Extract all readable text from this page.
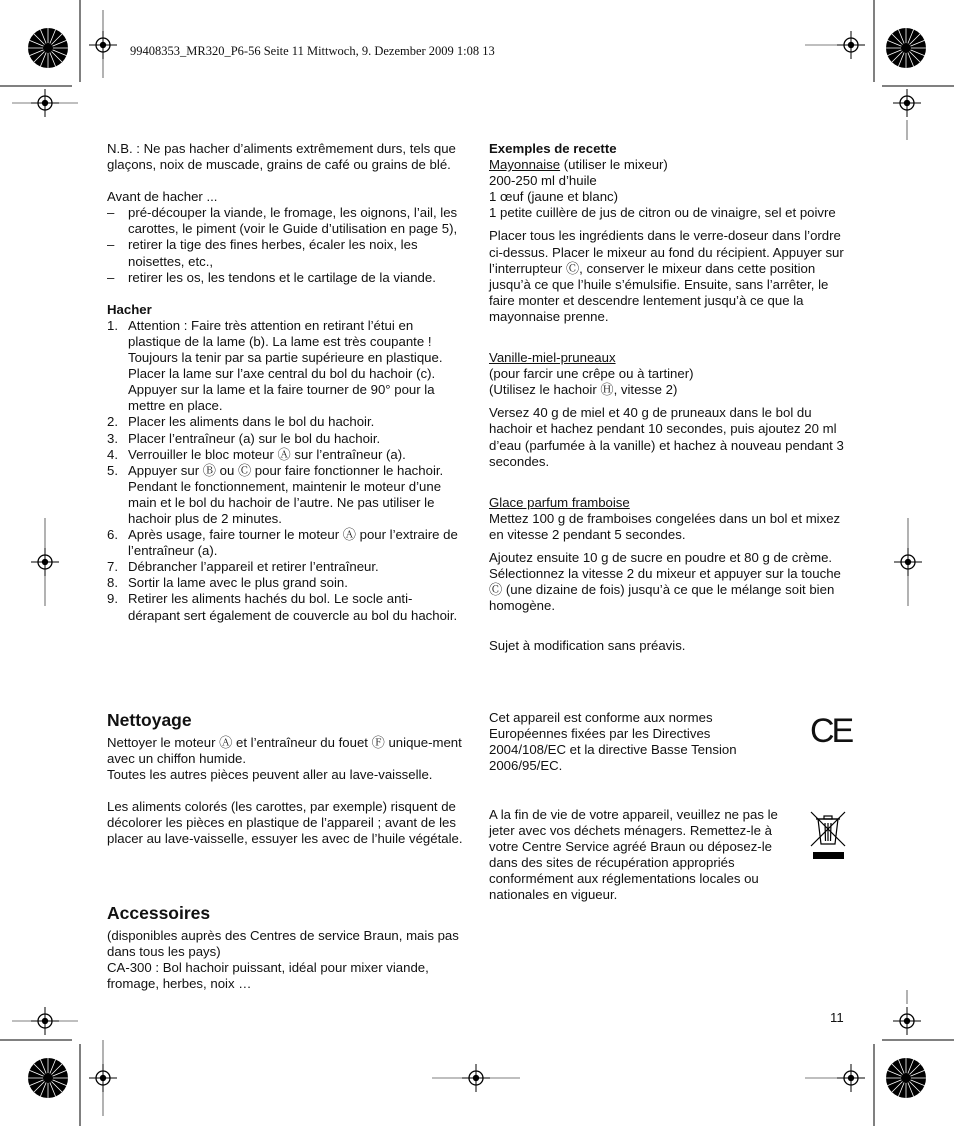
99408353_MR320_P6-56 Seite 11 Mittwoch, 9. Dezember 2009 1:08 13

N.B. : Ne pas hacher d’aliments extrêmement durs, tels que glaçons, noix de muscade, grains de café ou grains de blé.

Avant de hacher ...

– pré-découper la viande, le fromage, les oignons, l’ail, les carottes, le piment (voir le Guide d’utilisation en page 5),
– retirer la tige des fines herbes, écaler les noix, les noisettes, etc.,
– retirer les os, les tendons et le cartilage de la viande.

Hacher

1. Attention : Faire très attention en retirant l’étui en plastique de la lame (b). La lame est très coupante ! Toujours la tenir par sa partie supérieure en plastique. Placer la lame sur l’axe central du bol du hachoir (c). Appuyer sur la lame et la faire tourner de 90° pour la mettre en place.
2. Placer les aliments dans le bol du hachoir.
3. Placer l’entraîneur (a) sur le bol du hachoir.
4. Verrouiller le bloc moteur Ⓐ sur l’entraîneur (a).
5. Appuyer sur Ⓑ ou Ⓒ pour faire fonctionner le hachoir. Pendant le fonctionnement, maintenir le moteur d’une main et le bol du hachoir de l’autre. Ne pas utiliser le hachoir plus de 2 minutes.
6. Après usage, faire tourner le moteur Ⓐ pour l’extraire de l’entraîneur (a).
7. Débrancher l’appareil et retirer l’entraîneur.
8. Sortir la lame avec le plus grand soin.
9. Retirer les aliments hachés du bol. Le socle anti-dérapant sert également de couvercle au bol du hachoir.

Nettoyage

Nettoyer le moteur Ⓐ et l’entraîneur du fouet Ⓕ unique-ment avec un chiffon humide.

Toutes les autres pièces peuvent aller au lave-vaisselle.

Les aliments colorés (les carottes, par exemple) risquent de décolorer les pièces en plastique de l’appareil ; avant de les placer au lave-vaisselle, essuyer les avec de l’huile végétale.

Accessoires

(disponibles auprès des Centres de service Braun, mais pas dans tous les pays)

CA-300 : Bol hachoir puissant, idéal pour mixer viande, fromage, herbes, noix …

Exemples de recette

Mayonnaise (utiliser le mixeur)

200-250 ml d’huile

1 œuf (jaune et blanc)

1 petite cuillère de jus de citron ou de vinaigre, sel et poivre

Placer tous les ingrédients dans le verre-doseur dans l’ordre ci-dessus. Placer le mixeur au fond du récipient. Appuyer sur l’interrupteur Ⓒ, conserver le mixeur dans cette position jusqu’à ce que l’huile s’émulsifie. Ensuite, sans l’arrêter, le faire monter et descendre lentement jusqu’à ce que la mayonnaise prenne.

Vanille-miel-pruneaux

(pour farcir une crêpe ou à tartiner)

(Utilisez le hachoir Ⓗ, vitesse 2)

Versez 40 g de miel et 40 g de pruneaux dans le bol du hachoir et hachez pendant 10 secondes, puis ajoutez 20 ml d’eau (parfumée à la vanille) et hachez à nouveau pendant 3 secondes.

Glace parfum framboise

Mettez 100 g de framboises congelées dans un bol et mixez en vitesse 2 pendant 5 secondes.

Ajoutez ensuite 10 g de sucre en poudre et 80 g de crème. Sélectionnez la vitesse 2 du mixeur et appuyer sur la touche Ⓒ (une dizaine de fois) jusqu’à ce que le mélange soit bien homogène.

Sujet à modification sans préavis.

Cet appareil est conforme aux normes Européennes fixées par les Directives 2004/108/EC et la directive Basse Tension 2006/95/EC.

CE

A la fin de vie de votre appareil, veuillez ne pas le jeter avec vos déchets ménagers. Remettez-le à votre Centre Service agréé Braun ou déposez-le dans des sites de récupération appropriés conformément aux réglementations locales ou nationales en vigueur.

11
